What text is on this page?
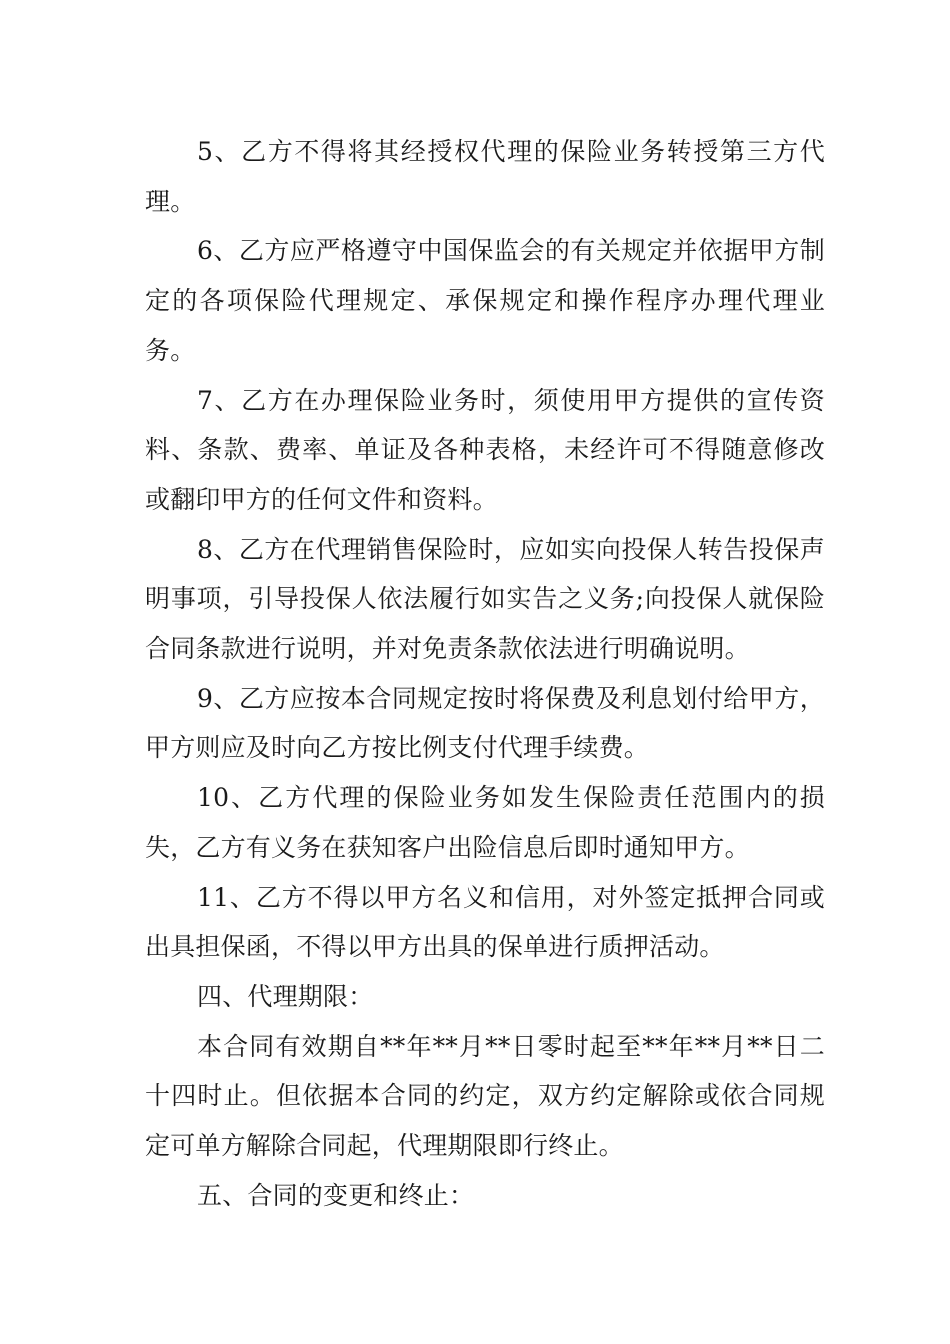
5、乙方不得将其经授权代理的保险业务转授第三方代理。

6、乙方应严格遵守中国保监会的有关规定并依据甲方制定的各项保险代理规定、承保规定和操作程序办理代理业务。

7、乙方在办理保险业务时，须使用甲方提供的宣传资料、条款、费率、单证及各种表格，未经许可不得随意修改或翻印甲方的任何文件和资料。

8、乙方在代理销售保险时，应如实向投保人转告投保声明事项，引导投保人依法履行如实告之义务;向投保人就保险合同条款进行说明，并对免责条款依法进行明确说明。

9、乙方应按本合同规定按时将保费及利息划付给甲方，甲方则应及时向乙方按比例支付代理手续费。

10、乙方代理的保险业务如发生保险责任范围内的损失，乙方有义务在获知客户出险信息后即时通知甲方。

11、乙方不得以甲方名义和信用，对外签定抵押合同或出具担保函，不得以甲方出具的保单进行质押活动。

四、代理期限：

本合同有效期自**年**月**日零时起至**年**月**日二十四时止。但依据本合同的约定，双方约定解除或依合同规定可单方解除合同起，代理期限即行终止。

五、合同的变更和终止：
